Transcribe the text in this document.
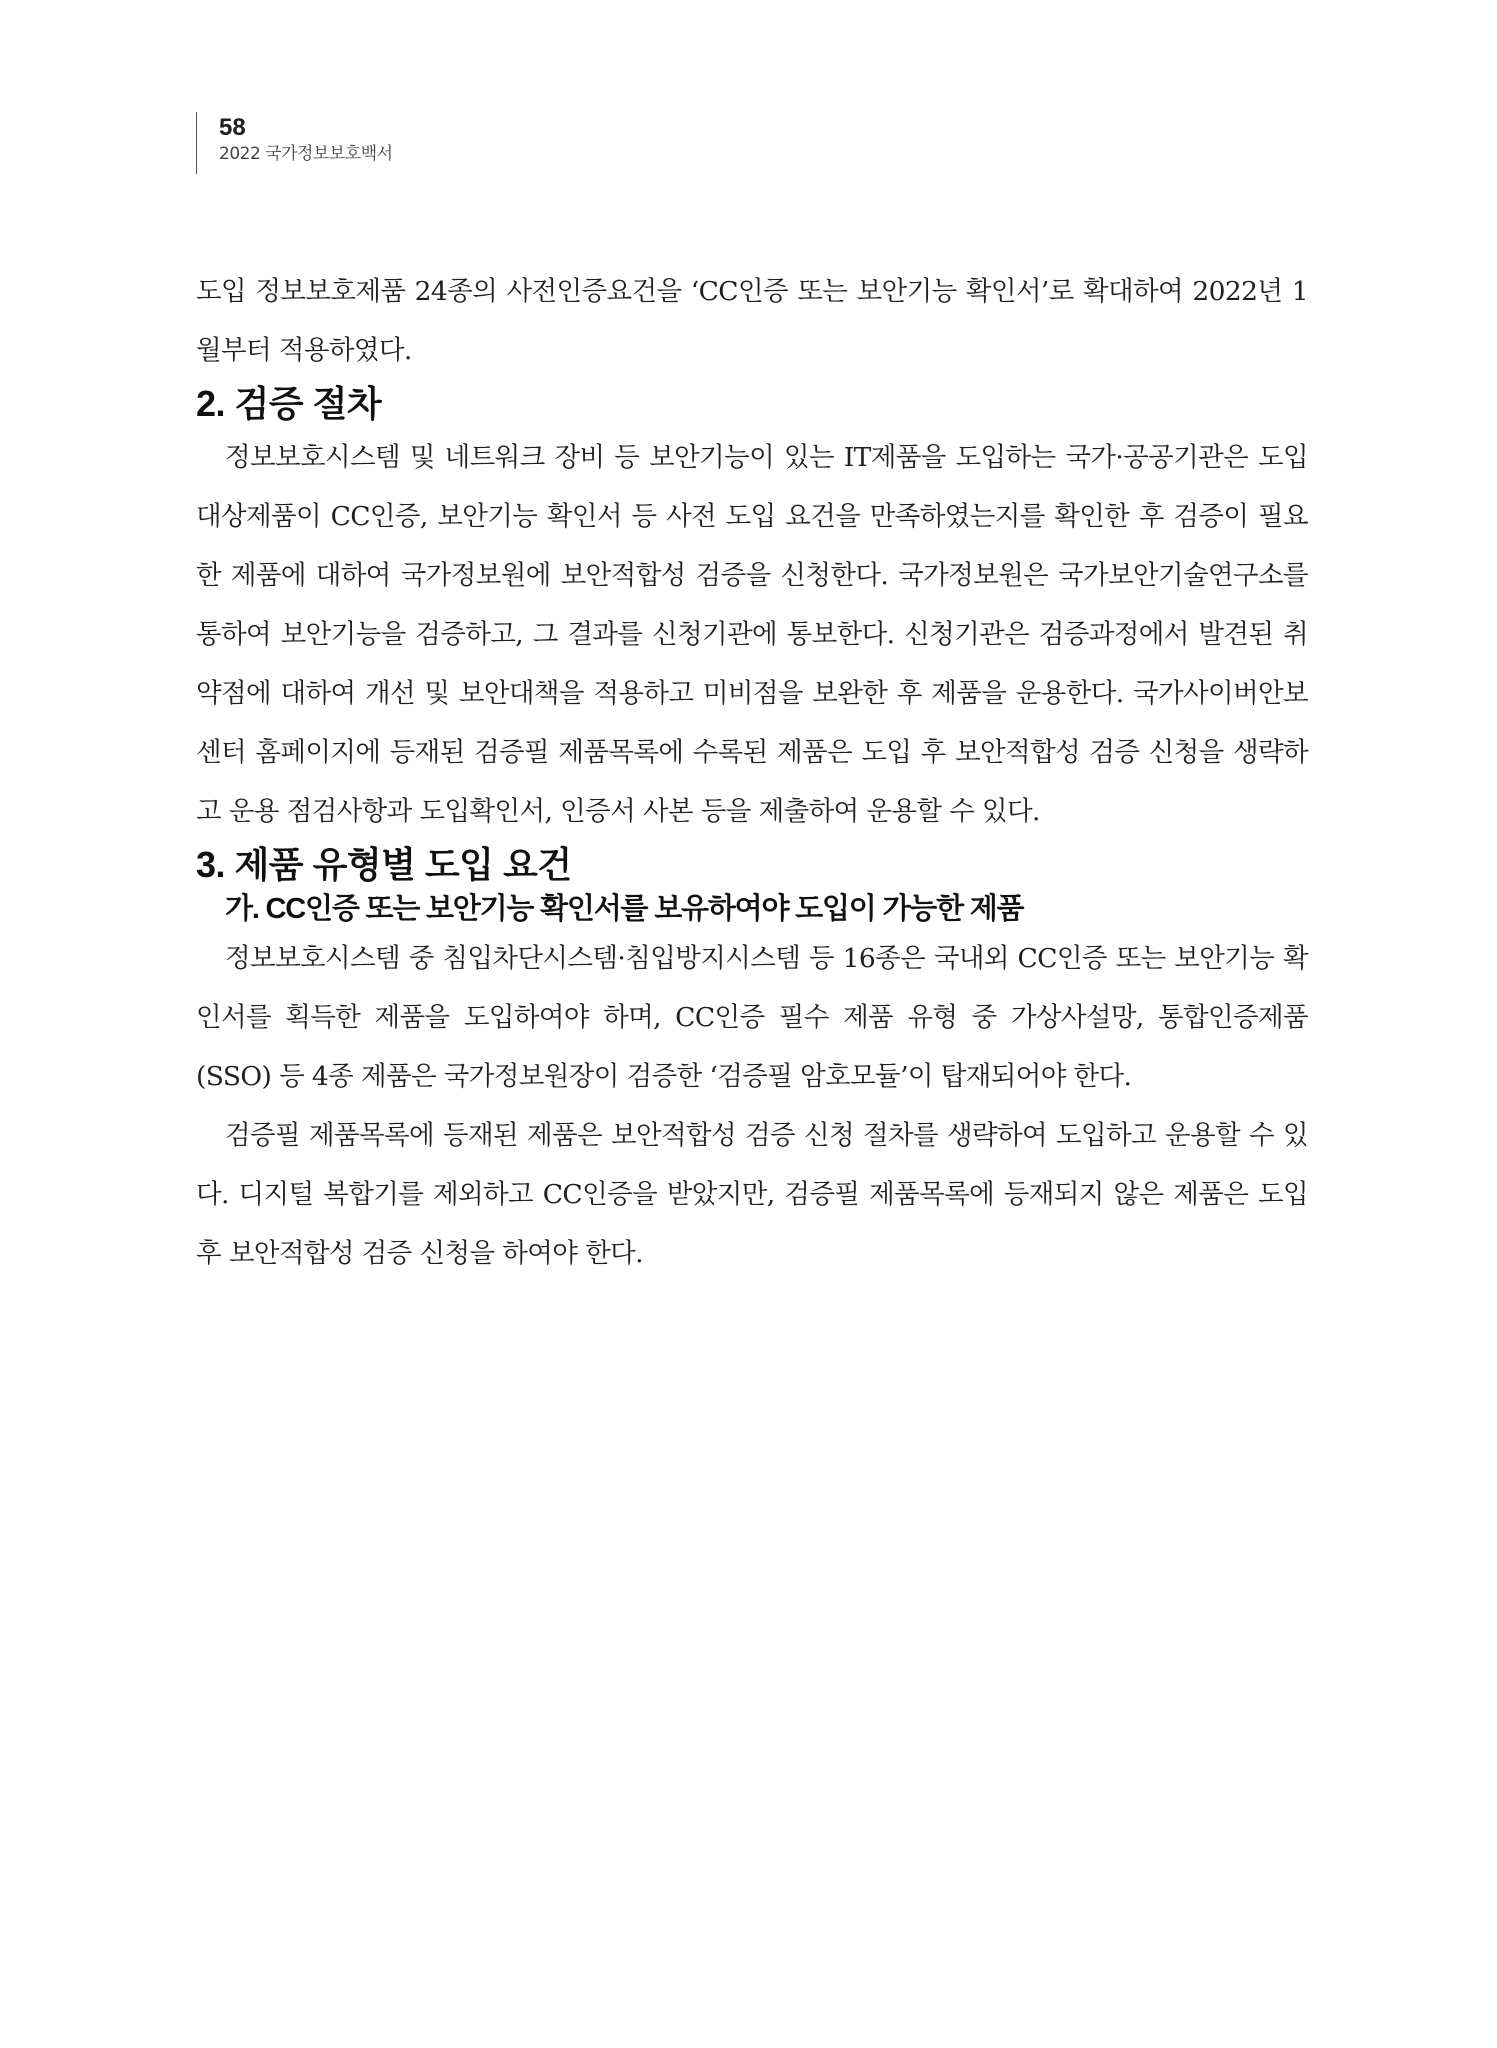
58
2022 국가정보보호백서

도입 정보보호제품 24종의 사전인증요건을 ‘CC인증 또는 보안기능 확인서’로 확대하여 2022년 1월부터 적용하였다.

2. 검증 절차

정보보호시스템 및 네트워크 장비 등 보안기능이 있는 IT제품을 도입하는 국가·공공기관은 도입 대상제품이 CC인증, 보안기능 확인서 등 사전 도입 요건을 만족하였는지를 확인한 후 검증이 필요한 제품에 대하여 국가정보원에 보안적합성 검증을 신청한다. 국가정보원은 국가보안기술연구소를 통하여 보안기능을 검증하고, 그 결과를 신청기관에 통보한다. 신청기관은 검증과정에서 발견된 취약점에 대하여 개선 및 보안대책을 적용하고 미비점을 보완한 후 제품을 운용한다. 국가사이버안보센터 홈페이지에 등재된 검증필 제품목록에 수록된 제품은 도입 후 보안적합성 검증 신청을 생략하고 운용 점검사항과 도입확인서, 인증서 사본 등을 제출하여 운용할 수 있다.

3. 제품 유형별 도입 요건
가. CC인증 또는 보안기능 확인서를 보유하여야 도입이 가능한 제품

정보보호시스템 중 침입차단시스템·침입방지시스템 등 16종은 국내외 CC인증 또는 보안기능 확인서를 획득한 제품을 도입하여야 하며, CC인증 필수 제품 유형 중 가상사설망, 통합인증제품(SSO) 등 4종 제품은 국가정보원장이 검증한 ‘검증필 암호모듈’이 탑재되어야 한다.

검증필 제품목록에 등재된 제품은 보안적합성 검증 신청 절차를 생략하여 도입하고 운용할 수 있다. 디지털 복합기를 제외하고 CC인증을 받았지만, 검증필 제품목록에 등재되지 않은 제품은 도입 후 보안적합성 검증 신청을 하여야 한다.
